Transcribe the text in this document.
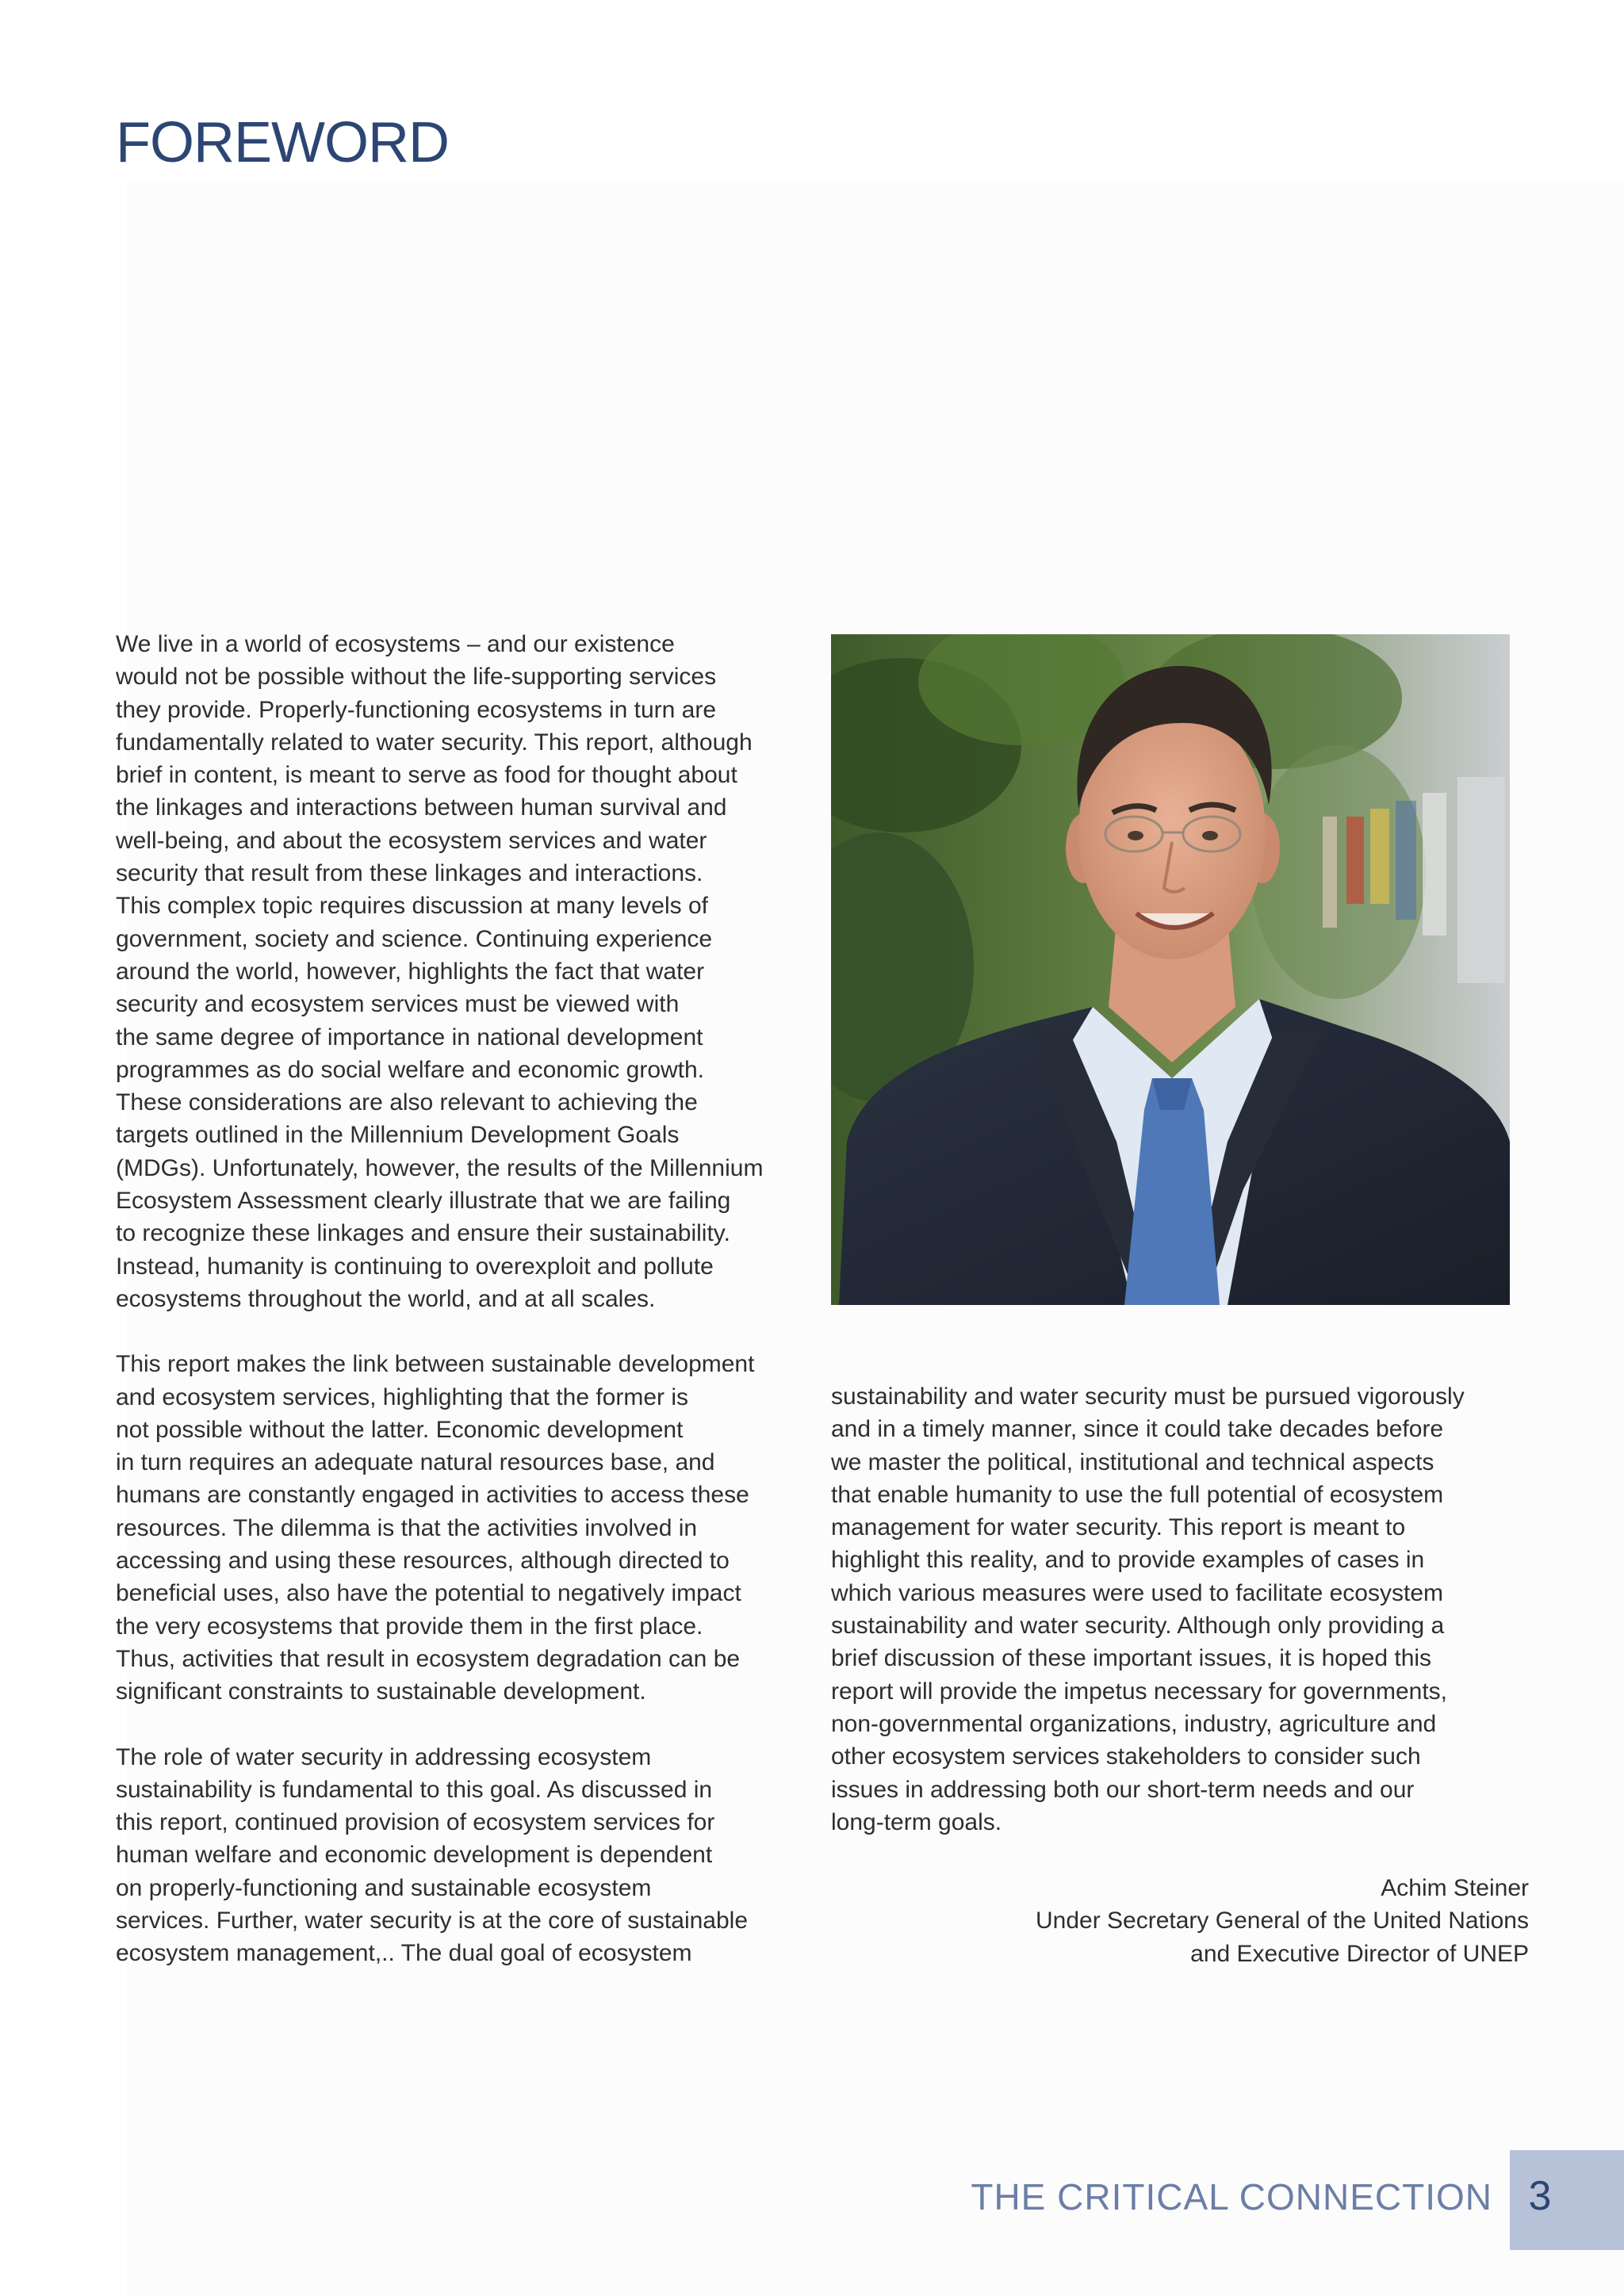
FOREWORD

We live in a world of ecosystems – and our existence
would not be possible without the life-supporting services
they provide. Properly-functioning ecosystems in turn are
fundamentally related to water security. This report, although
brief in content, is meant to serve as food for thought about
the linkages and interactions between human survival and
well-being, and about the ecosystem services and water
security that result from these linkages and interactions.
This complex topic requires discussion at many levels of
government, society and science. Continuing experience
around the world, however, highlights the fact that water
security and ecosystem services must be viewed with
the same degree of importance in national development
programmes as do social welfare and economic growth.
These considerations are also relevant to achieving the
targets outlined in the Millennium Development Goals
(MDGs). Unfortunately, however, the results of the Millennium
Ecosystem Assessment clearly illustrate that we are failing
to recognize these linkages and ensure their sustainability.
Instead, humanity is continuing to overexploit and pollute
ecosystems throughout the world, and at all scales.

This report makes the link between sustainable development
and ecosystem services, highlighting that the former is
not possible without the latter. Economic development
in turn requires an adequate natural resources base, and
humans are constantly engaged in activities to access these
resources. The dilemma is that the activities involved in
accessing and using these resources, although directed to
beneficial uses, also have the potential to negatively impact
the very ecosystems that provide them in the first place.
Thus, activities that result in ecosystem degradation can be
significant constraints to sustainable development.

The role of water security in addressing ecosystem
sustainability is fundamental to this goal. As discussed in
this report, continued provision of ecosystem services for
human welfare and economic development is dependent
on properly-functioning and sustainable ecosystem
services. Further, water security is at the core of sustainable
ecosystem management,.. The dual goal of ecosystem

sustainability and water security must be pursued vigorously
and in a timely manner, since it could take decades before
we master the political, institutional and technical aspects
that enable humanity to use the full potential of ecosystem
management for water security. This report is meant to
highlight this reality, and to provide examples of cases in
which various measures were used to facilitate ecosystem
sustainability and water security. Although only providing a
brief discussion of these important issues, it is hoped this
report will provide the impetus necessary for governments,
non-governmental organizations, industry, agriculture and
other ecosystem services stakeholders to consider such
issues in addressing both our short-term needs and our
long-term goals.

Achim Steiner
Under Secretary General of the United Nations
and Executive Director of UNEP

THE CRITICAL CONNECTION 3
